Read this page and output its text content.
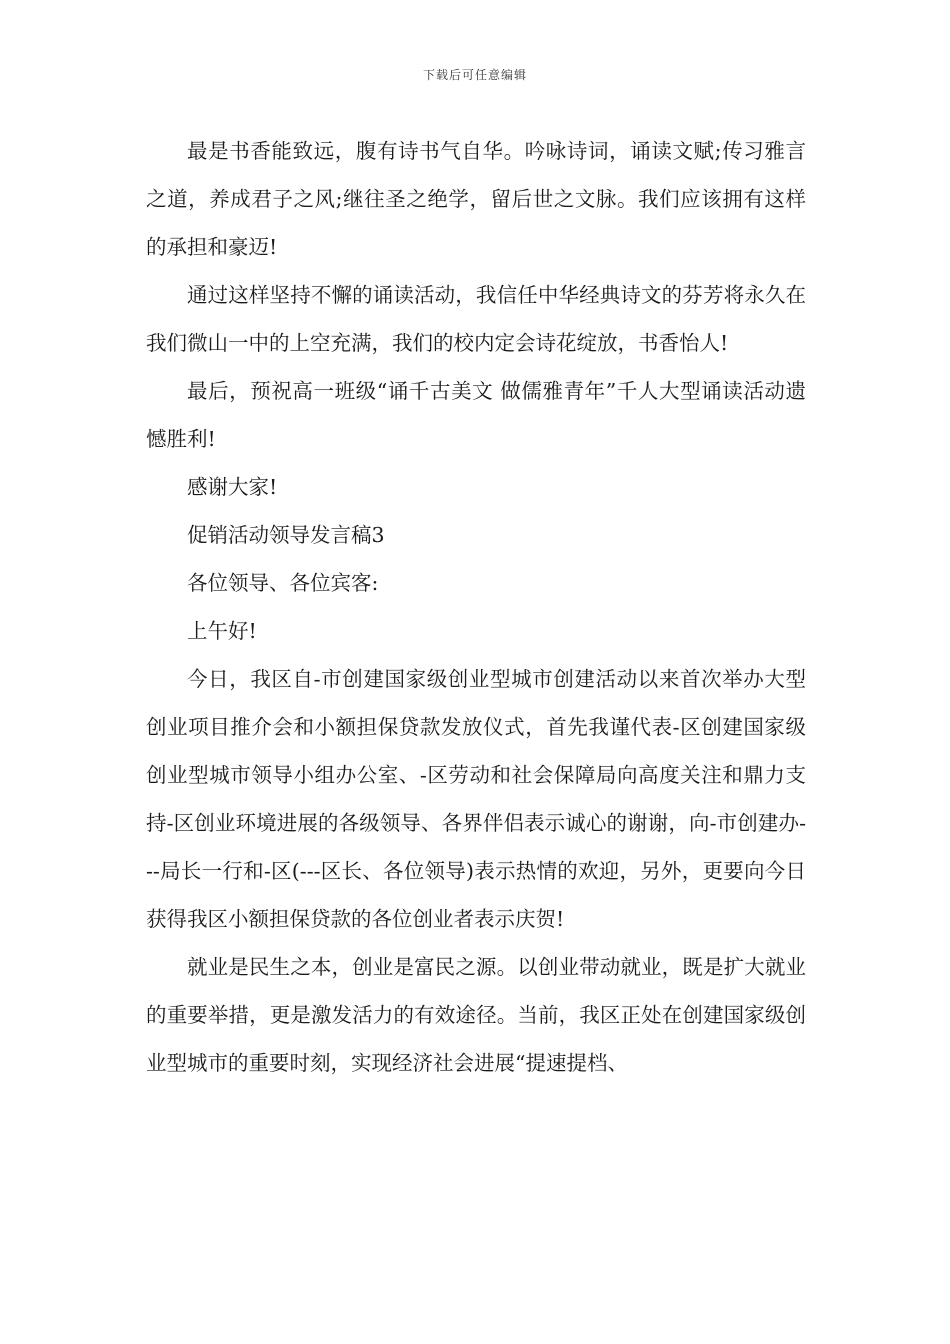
下载后可任意编辑

最是书香能致远，腹有诗书气自华。吟咏诗词，诵读文赋;传习雅言之道，养成君子之风;继往圣之绝学，留后世之文脉。我们应该拥有这样的承担和豪迈!

通过这样坚持不懈的诵读活动，我信任中华经典诗文的芬芳将永久在我们微山一中的上空充满，我们的校内定会诗花绽放，书香怡人!

最后，预祝高一班级“诵千古美文 做儒雅青年”千人大型诵读活动遗憾胜利!

感谢大家!

促销活动领导发言稿3

各位领导、各位宾客:

上午好!

今日，我区自-市创建国家级创业型城市创建活动以来首次举办大型创业项目推介会和小额担保贷款发放仪式，首先我谨代表-区创建国家级创业型城市领导小组办公室、-区劳动和社会保障局向高度关注和鼎力支持-区创业环境进展的各级领导、各界伴侣表示诚心的谢谢，向-市创建办---局长一行和-区(---区长、各位领导)表示热情的欢迎，另外，更要向今日获得我区小额担保贷款的各位创业者表示庆贺!

就业是民生之本，创业是富民之源。以创业带动就业，既是扩大就业的重要举措，更是激发活力的有效途径。当前，我区正处在创建国家级创业型城市的重要时刻，实现经济社会进展“提速提档、
